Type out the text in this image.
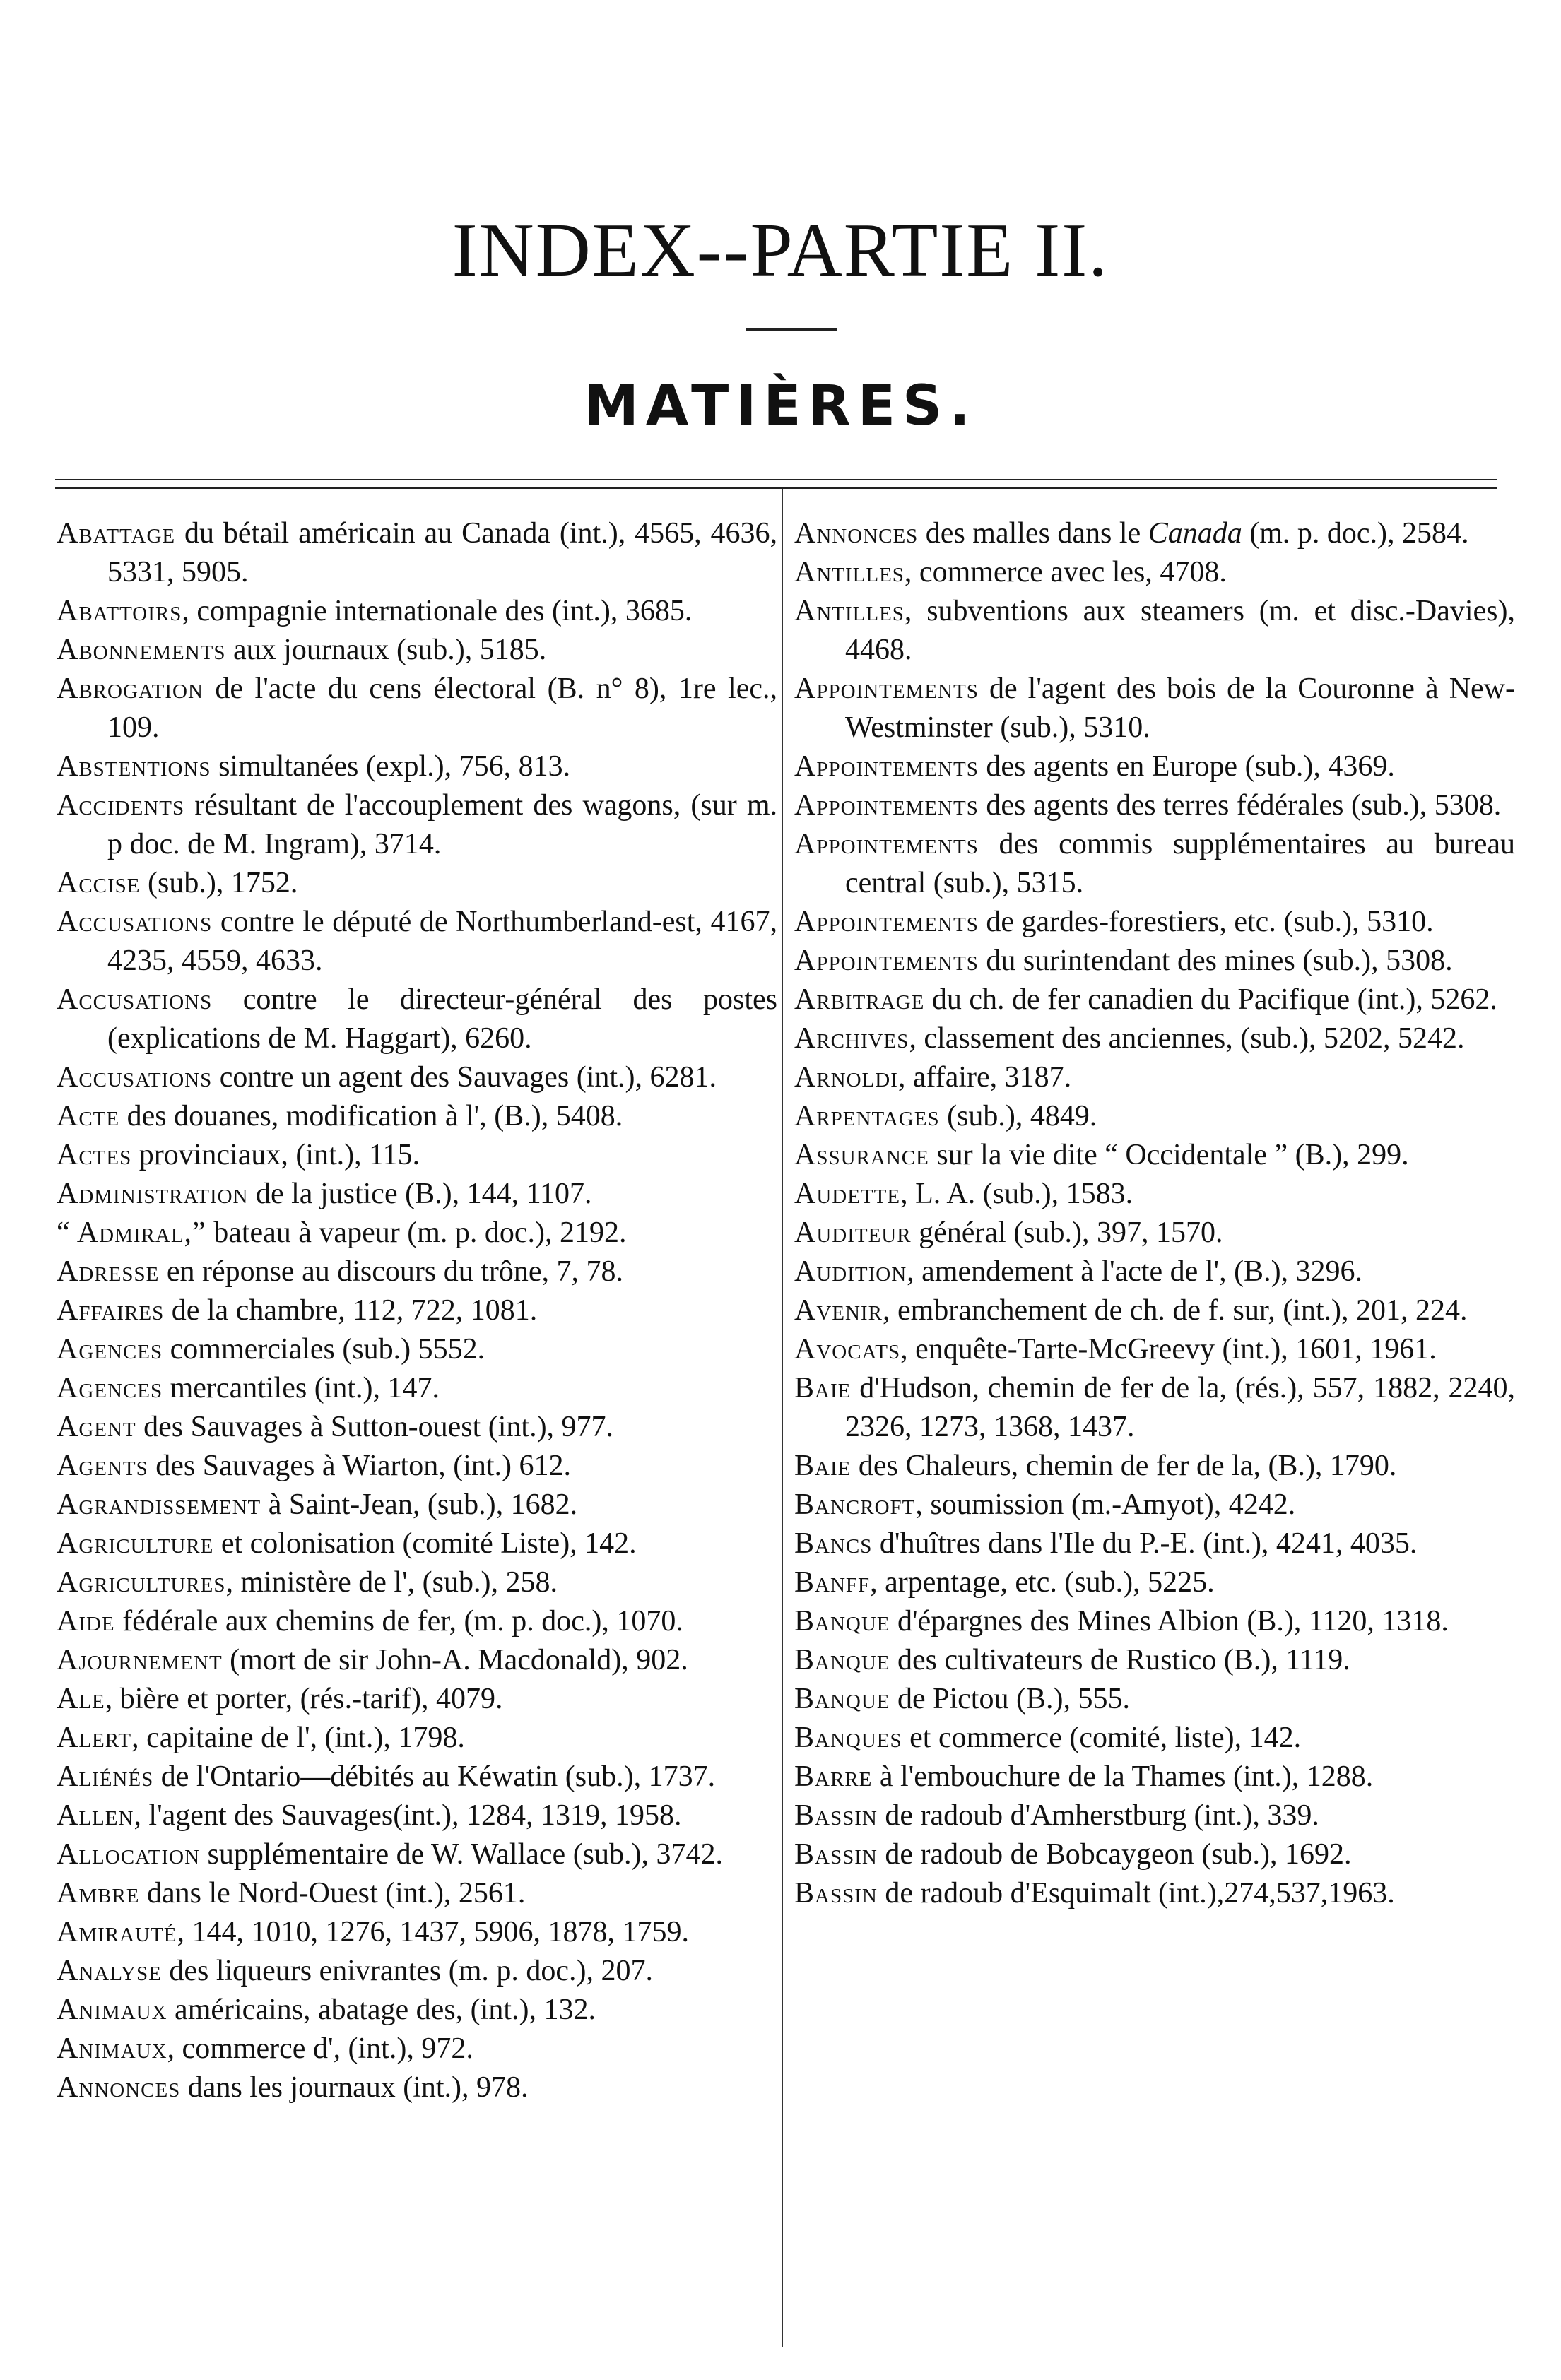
INDEX--PARTIE II.
MATIÈRES.

Abattage du bétail américain au Canada (int.), 4565, 4636, 5331, 5905.

Abattoirs, compagnie internationale des (int.), 3685.

Abonnements aux journaux (sub.), 5185.

Abrogation de l'acte du cens électoral (B. n° 8), 1re lec., 109.

Abstentions simultanées (expl.), 756, 813.

Accidents résultant de l'accouplement des wagons, (sur m. p doc. de M. Ingram), 3714.

Accise (sub.), 1752.

Accusations contre le député de Northumberland-est, 4167, 4235, 4559, 4633.

Accusations contre le directeur-général des postes (explications de M. Haggart), 6260.

Accusations contre un agent des Sauvages (int.), 6281.

Acte des douanes, modification à l', (B.), 5408.

Actes provinciaux, (int.), 115.

Administration de la justice (B.), 144, 1107.

“ Admiral,” bateau à vapeur (m. p. doc.), 2192.

Adresse en réponse au discours du trône, 7, 78.

Affaires de la chambre, 112, 722, 1081.

Agences commerciales (sub.) 5552.

Agences mercantiles (int.), 147.

Agent des Sauvages à Sutton-ouest (int.), 977.

Agents des Sauvages à Wiarton, (int.) 612.

Agrandissement à Saint-Jean, (sub.), 1682.

Agriculture et colonisation (comité Liste), 142.

Agricultures, ministère de l', (sub.), 258.

Aide fédérale aux chemins de fer, (m. p. doc.), 1070.

Ajournement (mort de sir John-A. Macdonald), 902.

Ale, bière et porter, (rés.-tarif), 4079.

Alert, capitaine de l', (int.), 1798.

Aliénés de l'Ontario—débités au Kéwatin (sub.), 1737.

Allen, l'agent des Sauvages(int.), 1284, 1319, 1958.

Allocation supplémentaire de W. Wallace (sub.), 3742.

Ambre dans le Nord-Ouest (int.), 2561.

Amirauté, 144, 1010, 1276, 1437, 5906, 1878, 1759.

Analyse des liqueurs enivrantes (m. p. doc.), 207.

Animaux américains, abatage des, (int.), 132.

Animaux, commerce d', (int.), 972.

Annonces dans les journaux (int.), 978.

Annonces des malles dans le Canada (m. p. doc.), 2584.

Antilles, commerce avec les, 4708.

Antilles, subventions aux steamers (m. et disc.-Davies), 4468.

Appointements de l'agent des bois de la Couronne à New-Westminster (sub.), 5310.

Appointements des agents en Europe (sub.), 4369.

Appointements des agents des terres fédérales (sub.), 5308.

Appointements des commis supplémentaires au bureau central (sub.), 5315.

Appointements de gardes-forestiers, etc. (sub.), 5310.

Appointements du surintendant des mines (sub.), 5308.

Arbitrage du ch. de fer canadien du Pacifique (int.), 5262.

Archives, classement des anciennes, (sub.), 5202, 5242.

Arnoldi, affaire, 3187.

Arpentages (sub.), 4849.

Assurance sur la vie dite “ Occidentale ” (B.), 299.

Audette, L. A. (sub.), 1583.

Auditeur général (sub.), 397, 1570.

Audition, amendement à l'acte de l', (B.), 3296.

Avenir, embranchement de ch. de f. sur, (int.), 201, 224.

Avocats, enquête-Tarte-McGreevy (int.), 1601, 1961.

Baie d'Hudson, chemin de fer de la, (rés.), 557, 1882, 2240, 2326, 1273, 1368, 1437.

Baie des Chaleurs, chemin de fer de la, (B.), 1790.

Bancroft, soumission (m.-Amyot), 4242.

Bancs d'huîtres dans l'Ile du P.-E. (int.), 4241, 4035.

Banff, arpentage, etc. (sub.), 5225.

Banque d'épargnes des Mines Albion (B.), 1120, 1318.

Banque des cultivateurs de Rustico (B.), 1119.

Banque de Pictou (B.), 555.

Banques et commerce (comité, liste), 142.

Barre à l'embouchure de la Thames (int.), 1288.

Bassin de radoub d'Amherstburg (int.), 339.

Bassin de radoub de Bobcaygeon (sub.), 1692.

Bassin de radoub d'Esquimalt (int.),274,537,1963.
